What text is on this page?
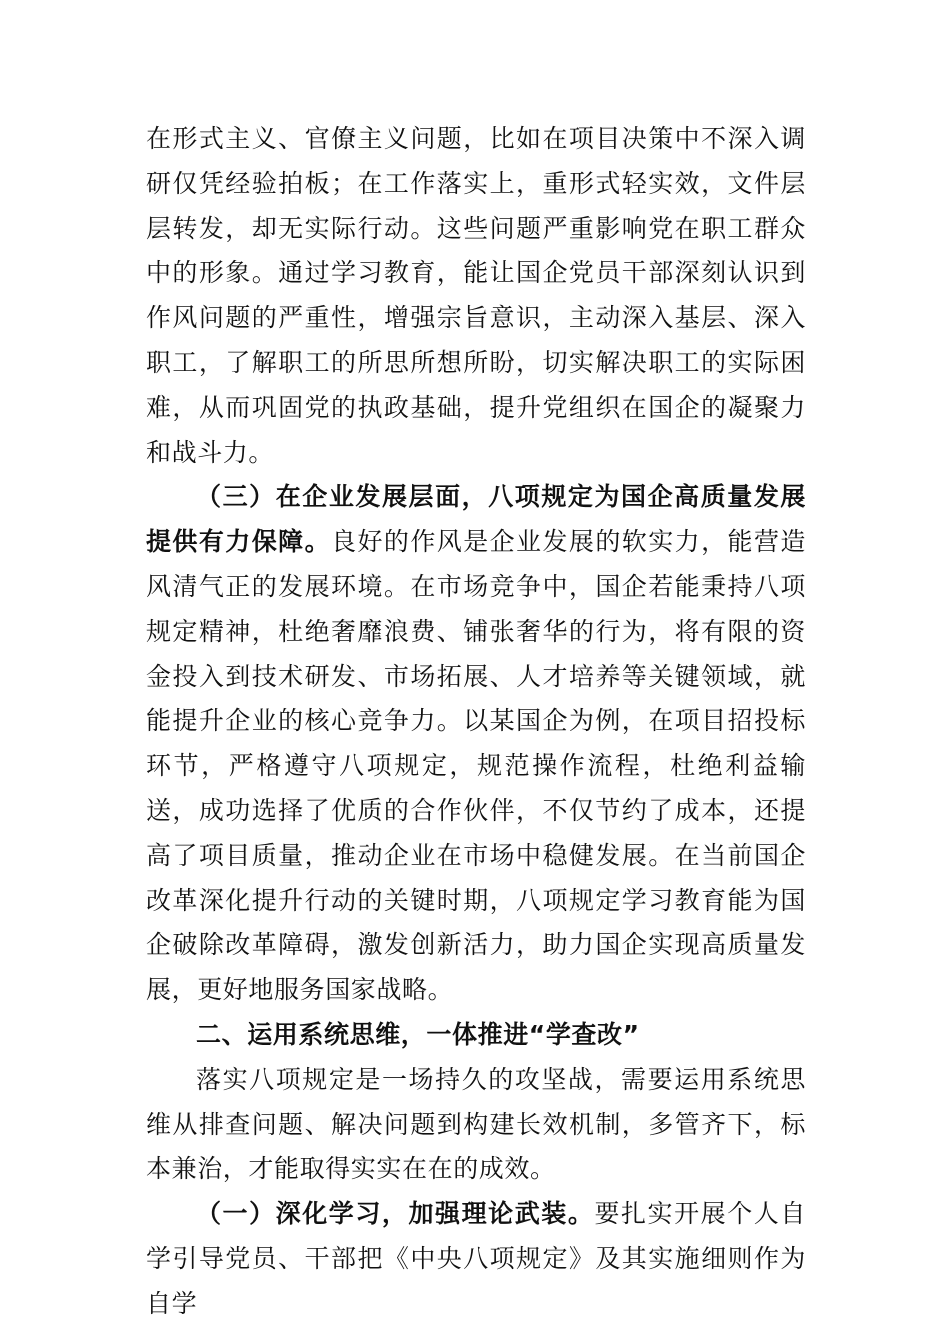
在形式主义、官僚主义问题，比如在项目决策中不深入调研仅凭经验拍板；在工作落实上，重形式轻实效，文件层层转发，却无实际行动。这些问题严重影响党在职工群众中的形象。通过学习教育，能让国企党员干部深刻认识到作风问题的严重性，增强宗旨意识，主动深入基层、深入职工，了解职工的所思所想所盼，切实解决职工的实际困难，从而巩固党的执政基础，提升党组织在国企的凝聚力和战斗力。

（三）在企业发展层面，八项规定为国企高质量发展提供有力保障。良好的作风是企业发展的软实力，能营造风清气正的发展环境。在市场竞争中，国企若能秉持八项规定精神，杜绝奢靡浪费、铺张奢华的行为，将有限的资金投入到技术研发、市场拓展、人才培养等关键领域，就能提升企业的核心竞争力。以某国企为例，在项目招投标环节，严格遵守八项规定，规范操作流程，杜绝利益输送，成功选择了优质的合作伙伴，不仅节约了成本，还提高了项目质量，推动企业在市场中稳健发展。在当前国企改革深化提升行动的关键时期，八项规定学习教育能为国企破除改革障碍，激发创新活力，助力国企实现高质量发展，更好地服务国家战略。

二、运用系统思维，一体推进“学查改”

落实八项规定是一场持久的攻坚战，需要运用系统思维从排查问题、解决问题到构建长效机制，多管齐下，标本兼治，才能取得实实在在的成效。

（一）深化学习，加强理论武装。要扎实开展个人自学引导党员、干部把《中央八项规定》及其实施细则作为自学
